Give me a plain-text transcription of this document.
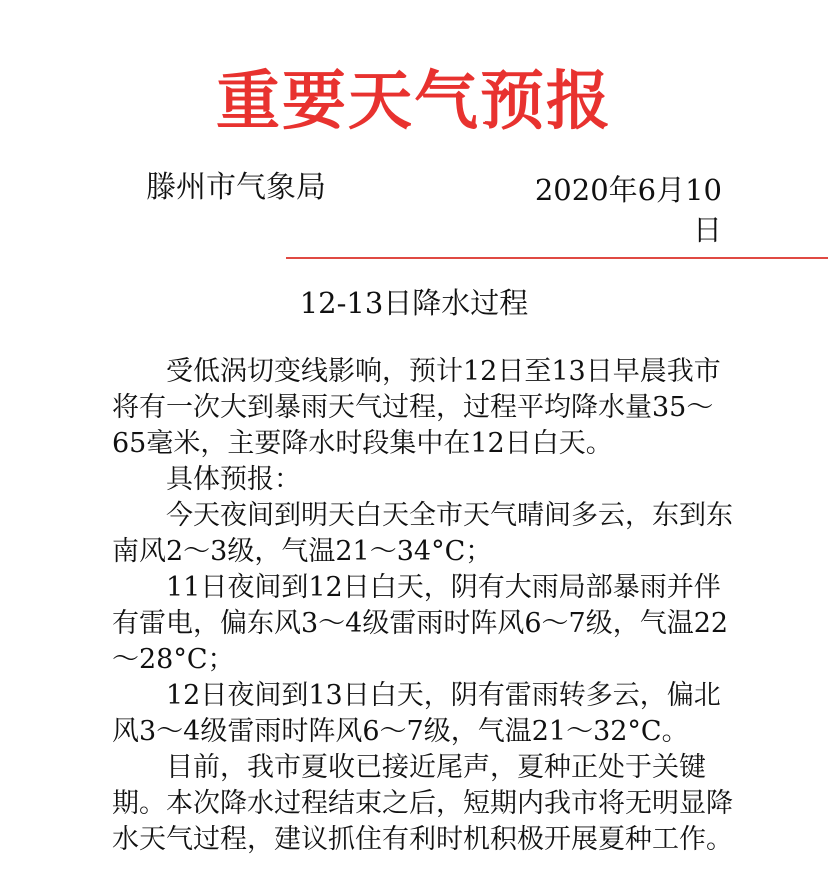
重要天气预报
滕州市气象局	2020年6月10日
12-13日降水过程

受低涡切变线影响，预计12日至13日早晨我市将有一次大到暴雨天气过程，过程平均降水量35～65毫米，主要降水时段集中在12日白天。

具体预报：

今天夜间到明天白天全市天气晴间多云，东到东南风2～3级，气温21～34°C；

11日夜间到12日白天，阴有大雨局部暴雨并伴有雷电，偏东风3～4级雷雨时阵风6～7级，气温22～28°C；

12日夜间到13日白天，阴有雷雨转多云，偏北风3～4级雷雨时阵风6～7级，气温21～32°C。

目前，我市夏收已接近尾声，夏种正处于关键期。本次降水过程结束之后，短期内我市将无明显降水天气过程，建议抓住有利时机积极开展夏种工作。
